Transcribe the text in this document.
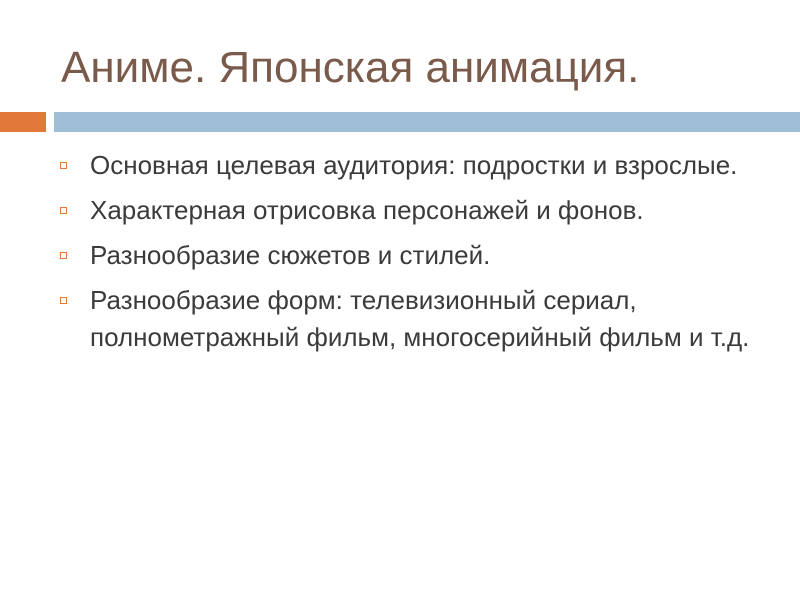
Аниме. Японская анимация.
Основная целевая аудитория: подростки и взрослые.
Характерная отрисовка персонажей и фонов.
Разнообразие сюжетов и стилей.
Разнообразие форм: телевизионный сериал, полнометражный фильм, многосерийный фильм и т.д.
